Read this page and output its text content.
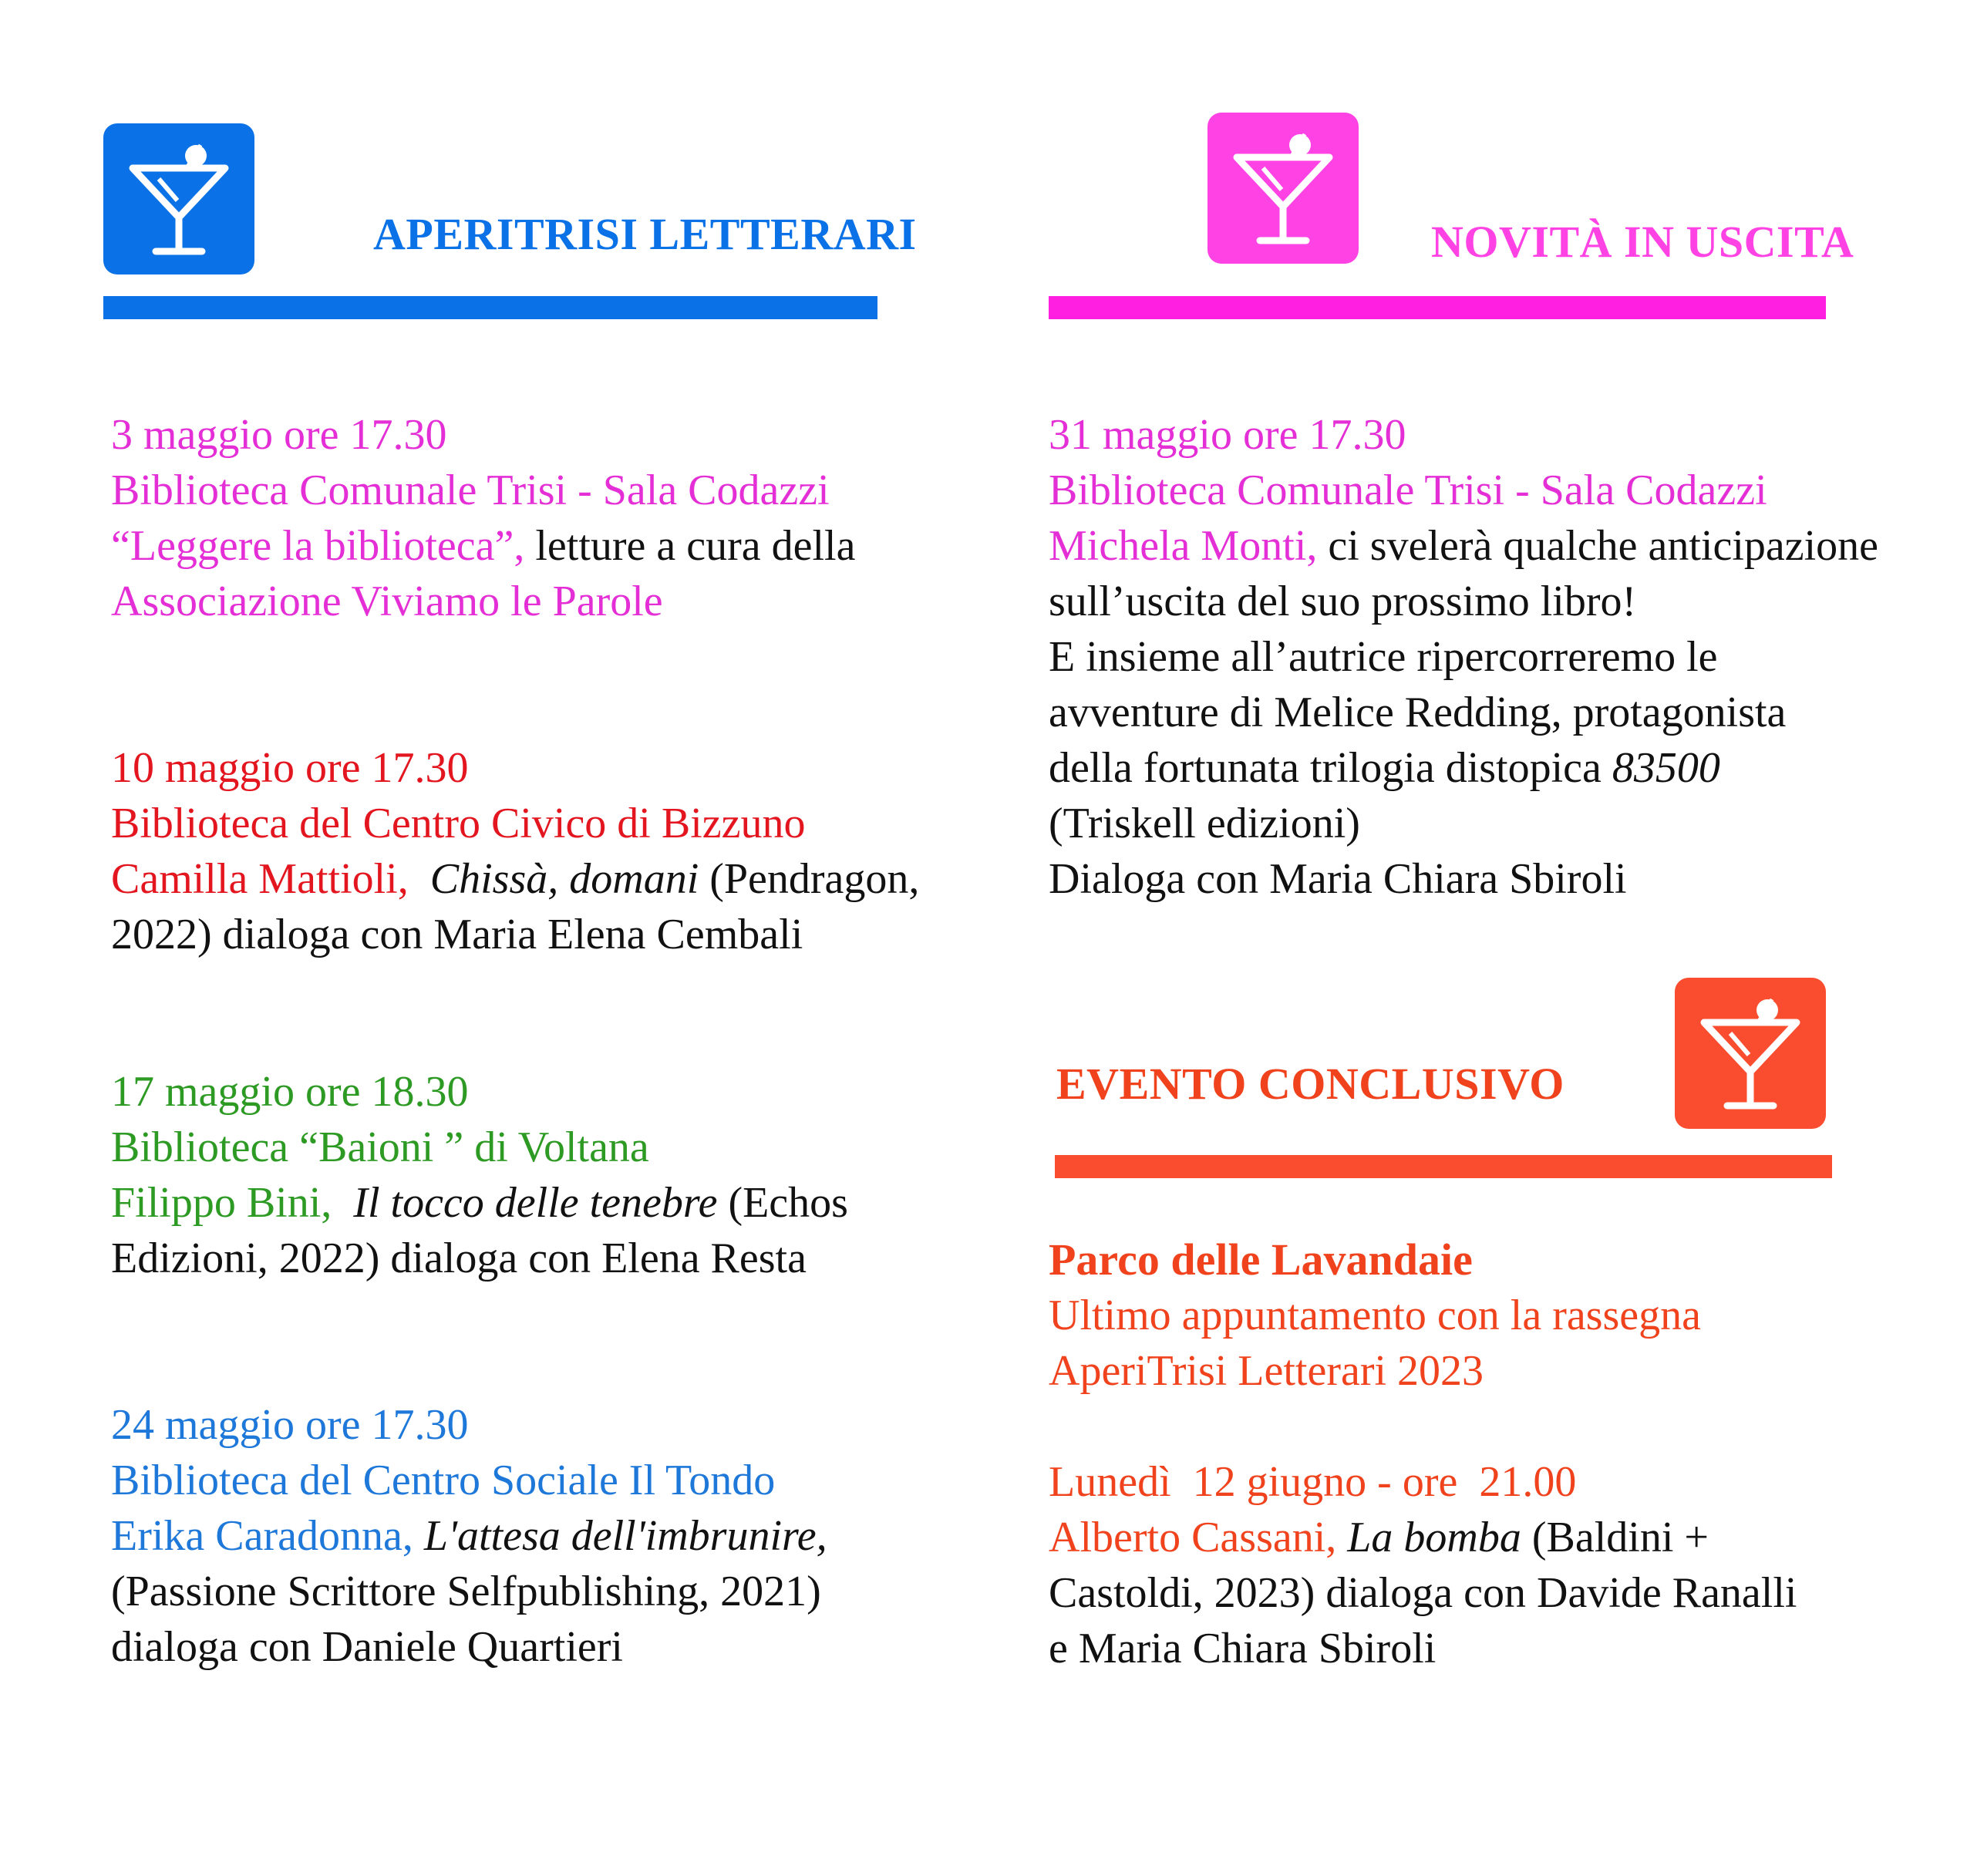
APERITRISI LETTERARI	NOVITÀ IN USCITA
EVENTO CONCLUSIVO
3 maggio ore 17.30
Biblioteca Comunale Trisi - Sala Codazzi
“Leggere la biblioteca”, letture a cura della
Associazione Viviamo le Parole
10 maggio ore 17.30
Biblioteca del Centro Civico di Bizzuno
Camilla Mattioli, Chissà, domani (Pendragon,
2022) dialoga con Maria Elena Cembali
17 maggio ore 18.30
Biblioteca “Baioni ” di Voltana
Filippo Bini, Il tocco delle tenebre (Echos
Edizioni, 2022) dialoga con Elena Resta
24 maggio ore 17.30
Biblioteca del Centro Sociale Il Tondo
Erika Caradonna, L'attesa dell'imbrunire,
(Passione Scrittore Selfpublishing, 2021)
dialoga con Daniele Quartieri
31 maggio ore 17.30
Biblioteca Comunale Trisi - Sala Codazzi
Michela Monti, ci svelerà qualche anticipazione
sull’uscita del suo prossimo libro!
E insieme all’autrice ripercorreremo le
avventure di Melice Redding, protagonista
della fortunata trilogia distopica 83500
(Triskell edizioni)
Dialoga con Maria Chiara Sbiroli
Parco delle Lavandaie
Ultimo appuntamento con la rassegna
AperiTrisi Letterari 2023
Lunedì  12 giugno - ore  21.00
Alberto Cassani, La bomba (Baldini +
Castoldi, 2023) dialoga con Davide Ranalli
e Maria Chiara Sbiroli
